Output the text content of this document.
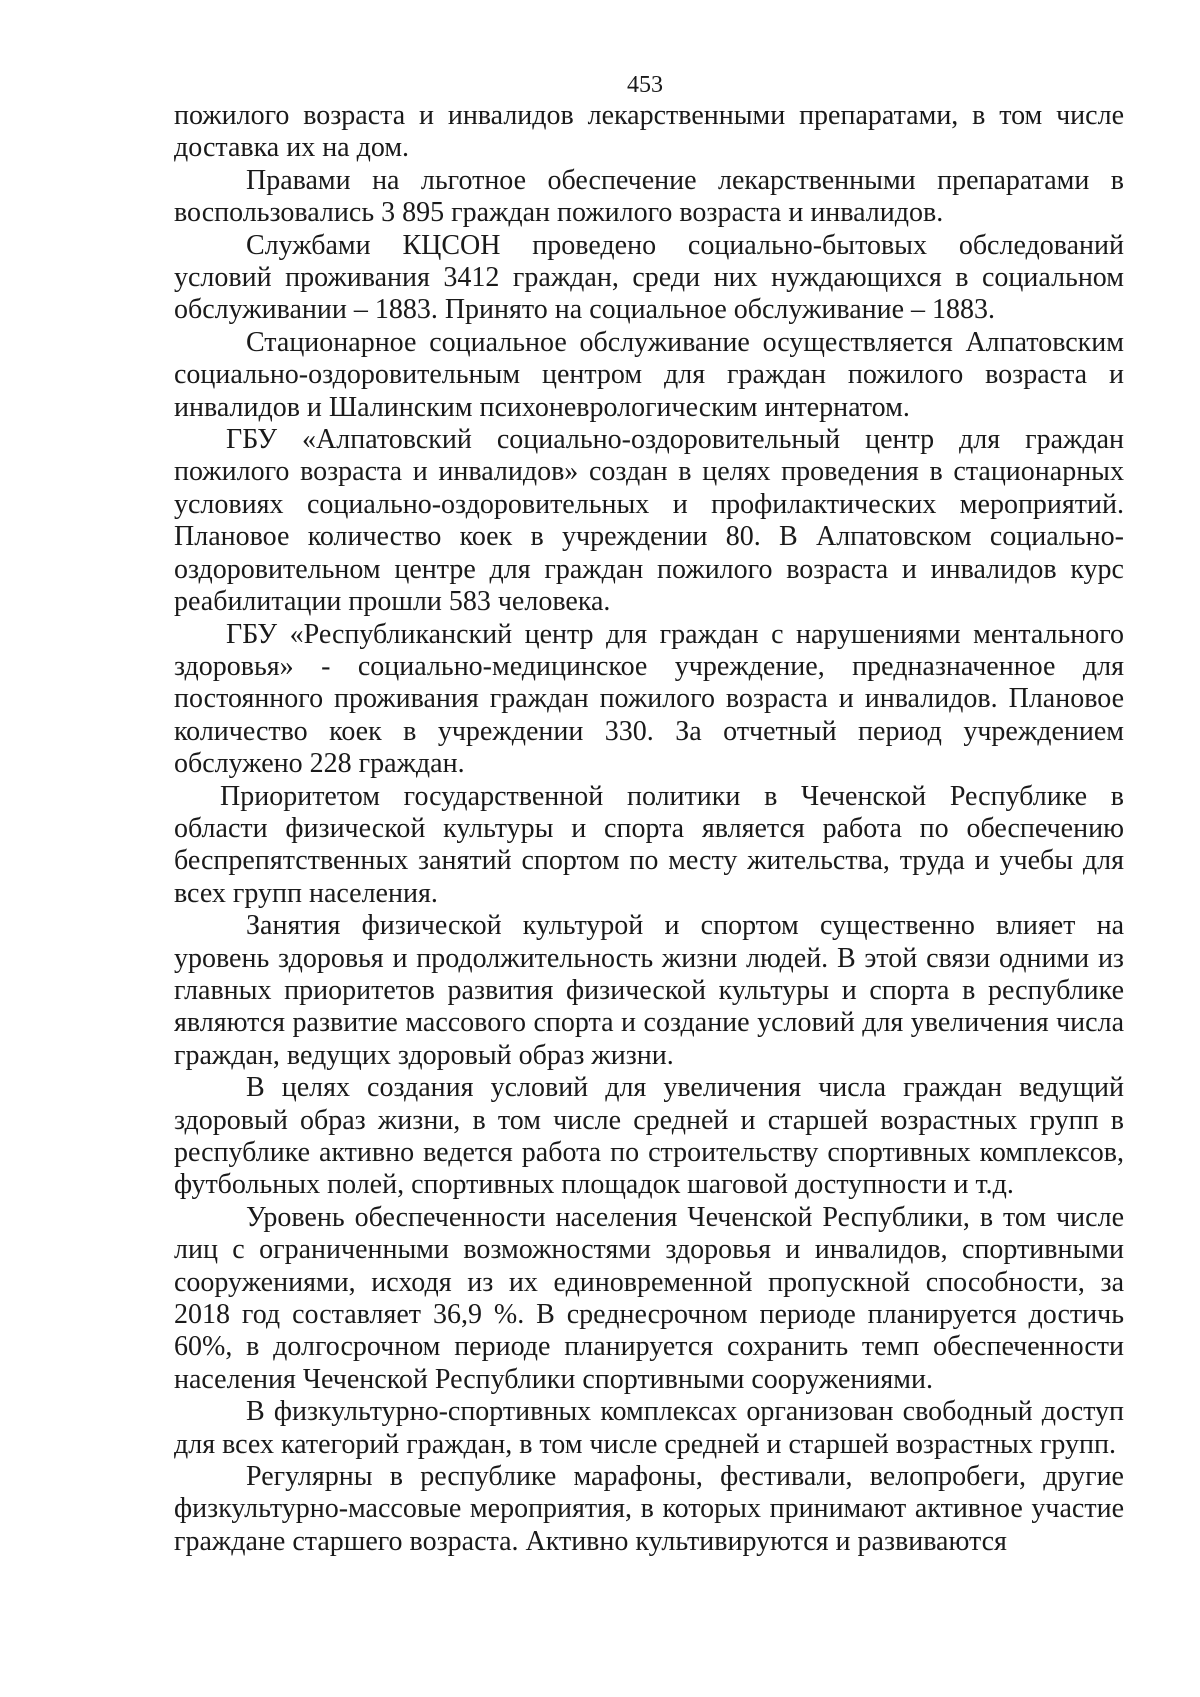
453

пожилого возраста и инвалидов лекарственными препаратами, в том числе доставка их на дом.

Правами на льготное обеспечение лекарственными препаратами в воспользовались 3 895 граждан пожилого возраста и инвалидов.

Службами КЦСОН проведено социально-бытовых обследований условий проживания 3412 граждан, среди них нуждающихся в социальном обслуживании – 1883. Принято на социальное обслуживание – 1883.

Стационарное социальное обслуживание осуществляется Алпатовским социально-оздоровительным центром для граждан пожилого возраста и инвалидов и Шалинским психоневрологическим интернатом.

ГБУ «Алпатовский социально-оздоровительный центр для граждан пожилого возраста и инвалидов» создан в целях проведения в стационарных условиях социально-оздоровительных и профилактических мероприятий. Плановое количество коек в учреждении 80. В Алпатовском социально-оздоровительном центре для граждан пожилого возраста и инвалидов курс реабилитации прошли 583 человека.

ГБУ «Республиканский центр для граждан с нарушениями ментального здоровья» - социально-медицинское учреждение, предназначенное для постоянного проживания граждан пожилого возраста и инвалидов. Плановое количество коек в учреждении 330. За отчетный период учреждением обслужено 228 граждан.

Приоритетом государственной политики в Чеченской Республике в области физической культуры и спорта является работа по обеспечению беспрепятственных занятий спортом по месту жительства, труда и учебы для всех групп населения.

Занятия физической культурой и спортом существенно влияет на уровень здоровья и продолжительность жизни людей. В этой связи одними из главных приоритетов развития физической культуры и спорта в республике являются развитие массового спорта и создание условий для увеличения числа граждан, ведущих здоровый образ жизни.

В целях создания условий для увеличения числа граждан ведущий здоровый образ жизни, в том числе средней и старшей возрастных групп в республике активно ведется работа по строительству спортивных комплексов, футбольных полей, спортивных площадок шаговой доступности и т.д.

Уровень обеспеченности населения Чеченской Республики, в том числе лиц с ограниченными возможностями здоровья и инвалидов, спортивными сооружениями, исходя из их единовременной пропускной способности, за 2018 год составляет 36,9 %. В среднесрочном периоде планируется достичь 60%, в долгосрочном периоде планируется сохранить темп обеспеченности населения Чеченской Республики спортивными сооружениями.

В физкультурно-спортивных комплексах организован свободный доступ для всех категорий граждан, в том числе средней и старшей возрастных групп.

Регулярны в республике марафоны, фестивали, велопробеги, другие физкультурно-массовые мероприятия, в которых принимают активное участие граждане старшего возраста. Активно культивируются и развиваются
